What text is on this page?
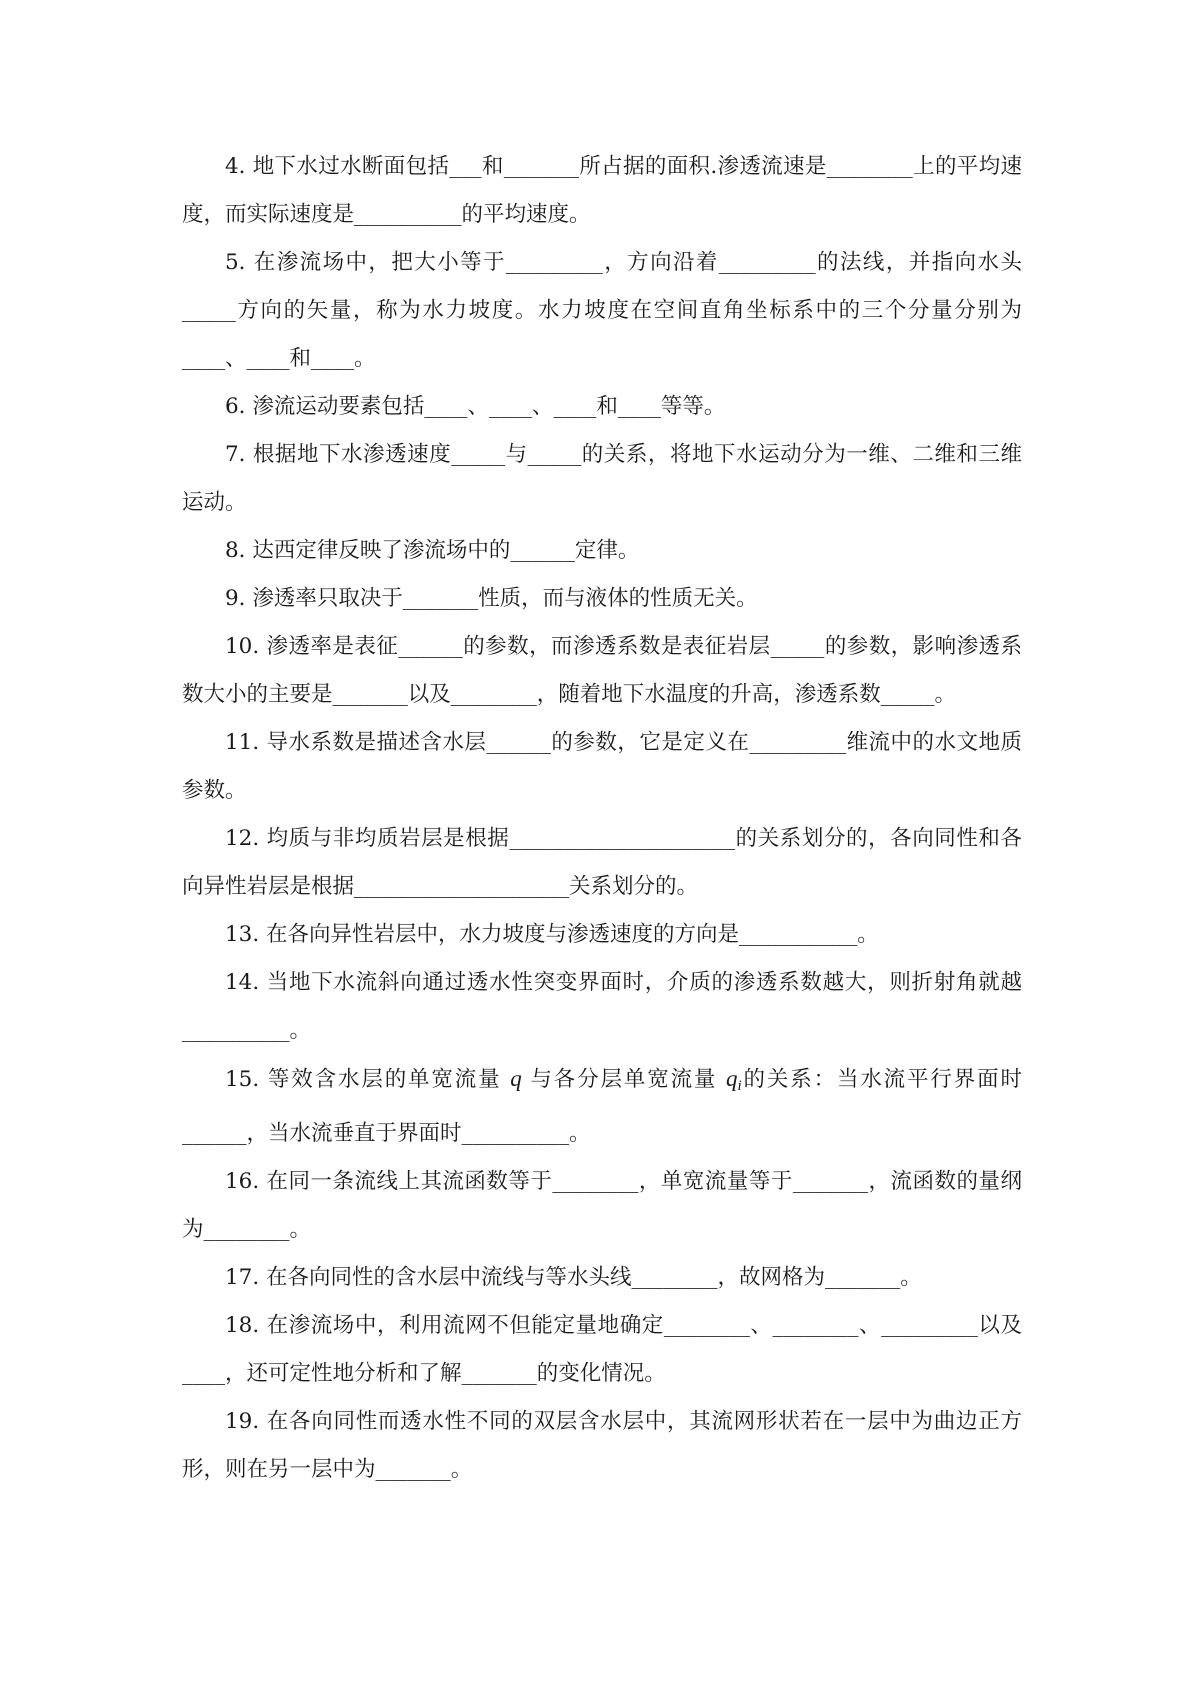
4. 地下水过水断面包括___和_______所占据的面积.渗透流速是________上的平均速度，而实际速度是__________的平均速度。

5. 在渗流场中，把大小等于_________，方向沿着_________的法线，并指向水头_____方向的矢量，称为水力坡度。水力坡度在空间直角坐标系中的三个分量分别为____、____和____。

6. 渗流运动要素包括____、____、____和____等等。

7. 根据地下水渗透速度_____与_____的关系，将地下水运动分为一维、二维和三维运动。

8. 达西定律反映了渗流场中的______定律。

9. 渗透率只取决于_______性质，而与液体的性质无关。

10. 渗透率是表征______的参数，而渗透系数是表征岩层_____的参数，影响渗透系数大小的主要是_______以及________，随着地下水温度的升高，渗透系数_____。

11. 导水系数是描述含水层______的参数，它是定义在_________维流中的水文地质参数。

12. 均质与非均质岩层是根据_____________________的关系划分的，各向同性和各向异性岩层是根据____________________关系划分的。

13. 在各向异性岩层中，水力坡度与渗透速度的方向是___________。

14. 当地下水流斜向通过透水性突变界面时，介质的渗透系数越大，则折射角就越__________。

15. 等效含水层的单宽流量 q 与各分层单宽流量 $q_i$的关系：当水流平行界面时______，当水流垂直于界面时__________。

16. 在同一条流线上其流函数等于________，单宽流量等于_______，流函数的量纲为________。

17. 在各向同性的含水层中流线与等水头线________，故网格为_______。

18. 在渗流场中，利用流网不但能定量地确定________、________、_________以及____，还可定性地分析和了解_______的变化情况。

19. 在各向同性而透水性不同的双层含水层中，其流网形状若在一层中为曲边正方形，则在另一层中为_______。
